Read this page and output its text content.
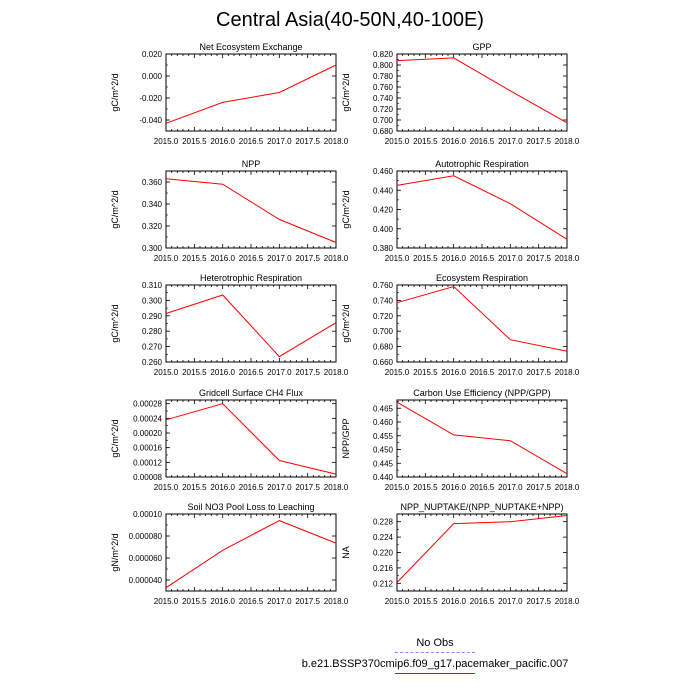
Central Asia(40-50N,40-100E)
Net Ecosystem Exchange
2015.0 2015.5 2016.0 2016.5 2017.0 2017.5 2018.0
-0.040
-0.020
0.000
0.020
gC/m^2/d
GPP
2015.0 2015.5 2016.0 2016.5 2017.0 2017.5 2018.0
0.680
0.700
0.720
0.740
0.760
0.780
0.800
0.820
gC/m^2/d
NPP
2015.0 2015.5 2016.0 2016.5 2017.0 2017.5 2018.0
0.300
0.320
0.340
0.360
gC/m^2/d
Autotrophic Respiration
2015.0 2015.5 2016.0 2016.5 2017.0 2017.5 2018.0
0.380
0.400
0.420
0.440
0.460
gC/m^2/d
Heterotrophic Respiration
2015.0 2015.5 2016.0 2016.5 2017.0 2017.5 2018.0
0.260
0.270
0.280
0.290
0.300
0.310
gC/m^2/d
Ecosystem Respiration
2015.0 2015.5 2016.0 2016.5 2017.0 2017.5 2018.0
0.660
0.680
0.700
0.720
0.740
0.760
gC/m^2/d
Gridcell Surface CH4 Flux
2015.0 2015.5 2016.0 2016.5 2017.0 2017.5 2018.0
0.00008
0.00012
0.00016
0.00020
0.00024
0.00028
gC/m^2/d
Carbon Use Efficiency (NPP/GPP)
2015.0 2015.5 2016.0 2016.5 2017.0 2017.5 2018.0
0.440
0.445
0.450
0.455
0.460
0.465
NPP/GPP
Soil NO3 Pool Loss to Leaching
2015.0 2015.5 2016.0 2016.5 2017.0 2017.5 2018.0
0.000040
0.000060
0.000080
0.00010
gN/m^2/d
NPP_NUPTAKE/(NPP_NUPTAKE+NPP)
2015.0 2015.5 2016.0 2016.5 2017.0 2017.5 2018.0
0.212
0.216
0.220
0.224
0.228
NA
No Obs
b.e21.BSSP370cmip6.f09_g17.pacemaker_pacific.007
